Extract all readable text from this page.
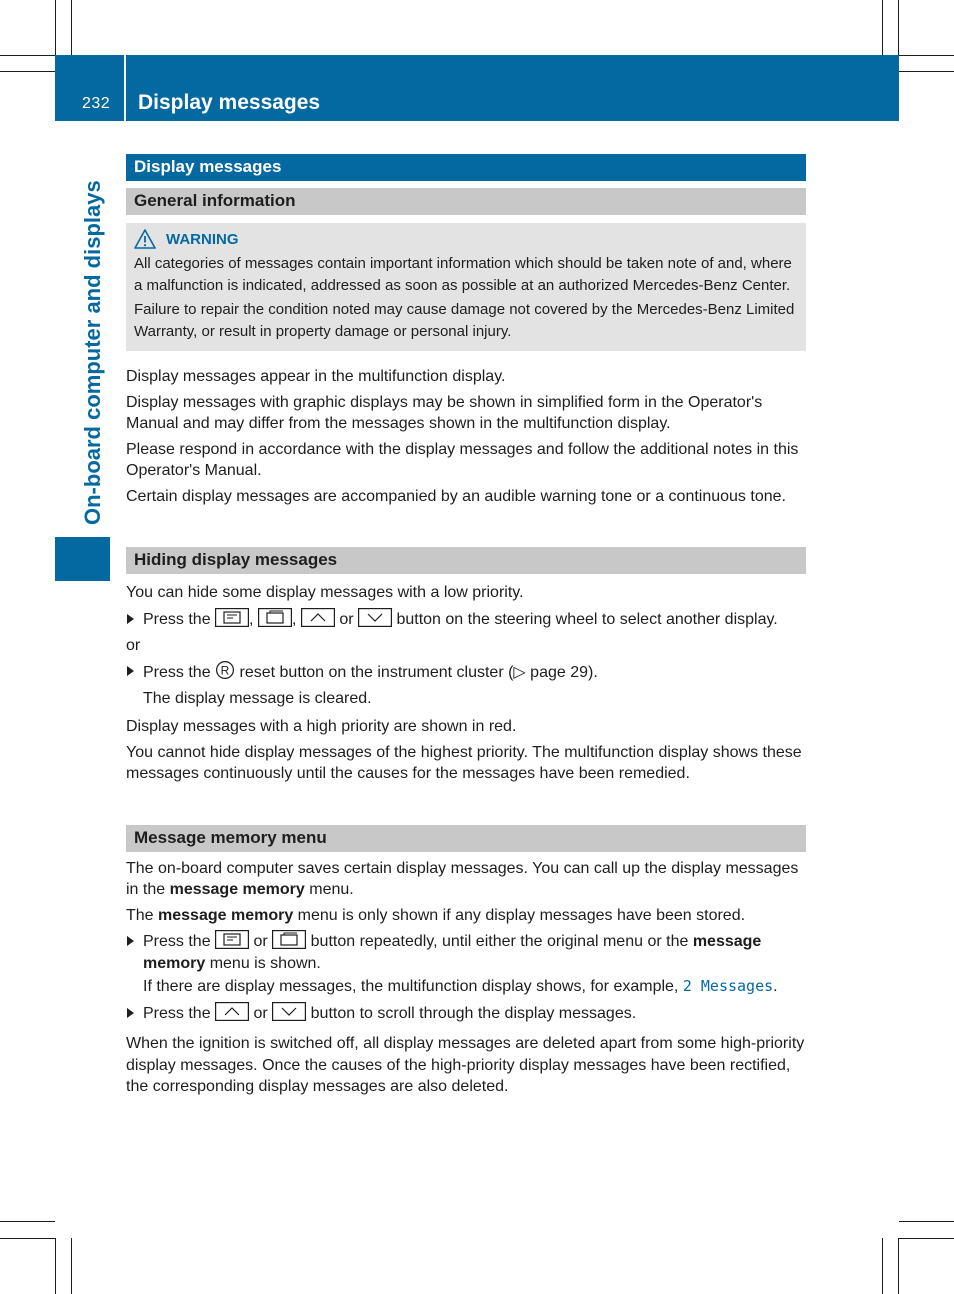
232 Display messages
On-board computer and displays
Display messages
General information
WARNING

All categories of messages contain important information which should be taken note of and, where a malfunction is indicated, addressed as soon as possible at an authorized Mercedes-Benz Center.

Failure to repair the condition noted may cause damage not covered by the Mercedes-Benz Limited Warranty, or result in property damage or personal injury.

Display messages appear in the multifunction display.

Display messages with graphic displays may be shown in simplified form in the Operator's Manual and may differ from the messages shown in the multifunction display.

Please respond in accordance with the display messages and follow the additional notes in this Operator's Manual.

Certain display messages are accompanied by an audible warning tone or a continuous tone.

Hiding display messages

You can hide some display messages with a low priority.

Press the , ,	or	button on the steering wheel to select another display.

or

Press the R reset button on the instrument cluster (▷ page 29).
The display message is cleared.

Display messages with a high priority are shown in red.

You cannot hide display messages of the highest priority. The multifunction display shows these messages continuously until the causes for the messages have been remedied.

Message memory menu

The on-board computer saves certain display messages. You can call up the display messages in the message memory menu.

The message memory menu is only shown if any display messages have been stored.

Press the	or	button repeatedly, until either the original menu or the message memory menu is shown.
If there are display messages, the multifunction display shows, for example, 2 Messages.
Press the	or	button to scroll through the display messages.

When the ignition is switched off, all display messages are deleted apart from some high-priority display messages. Once the causes of the high-priority display messages have been rectified, the corresponding display messages are also deleted.
